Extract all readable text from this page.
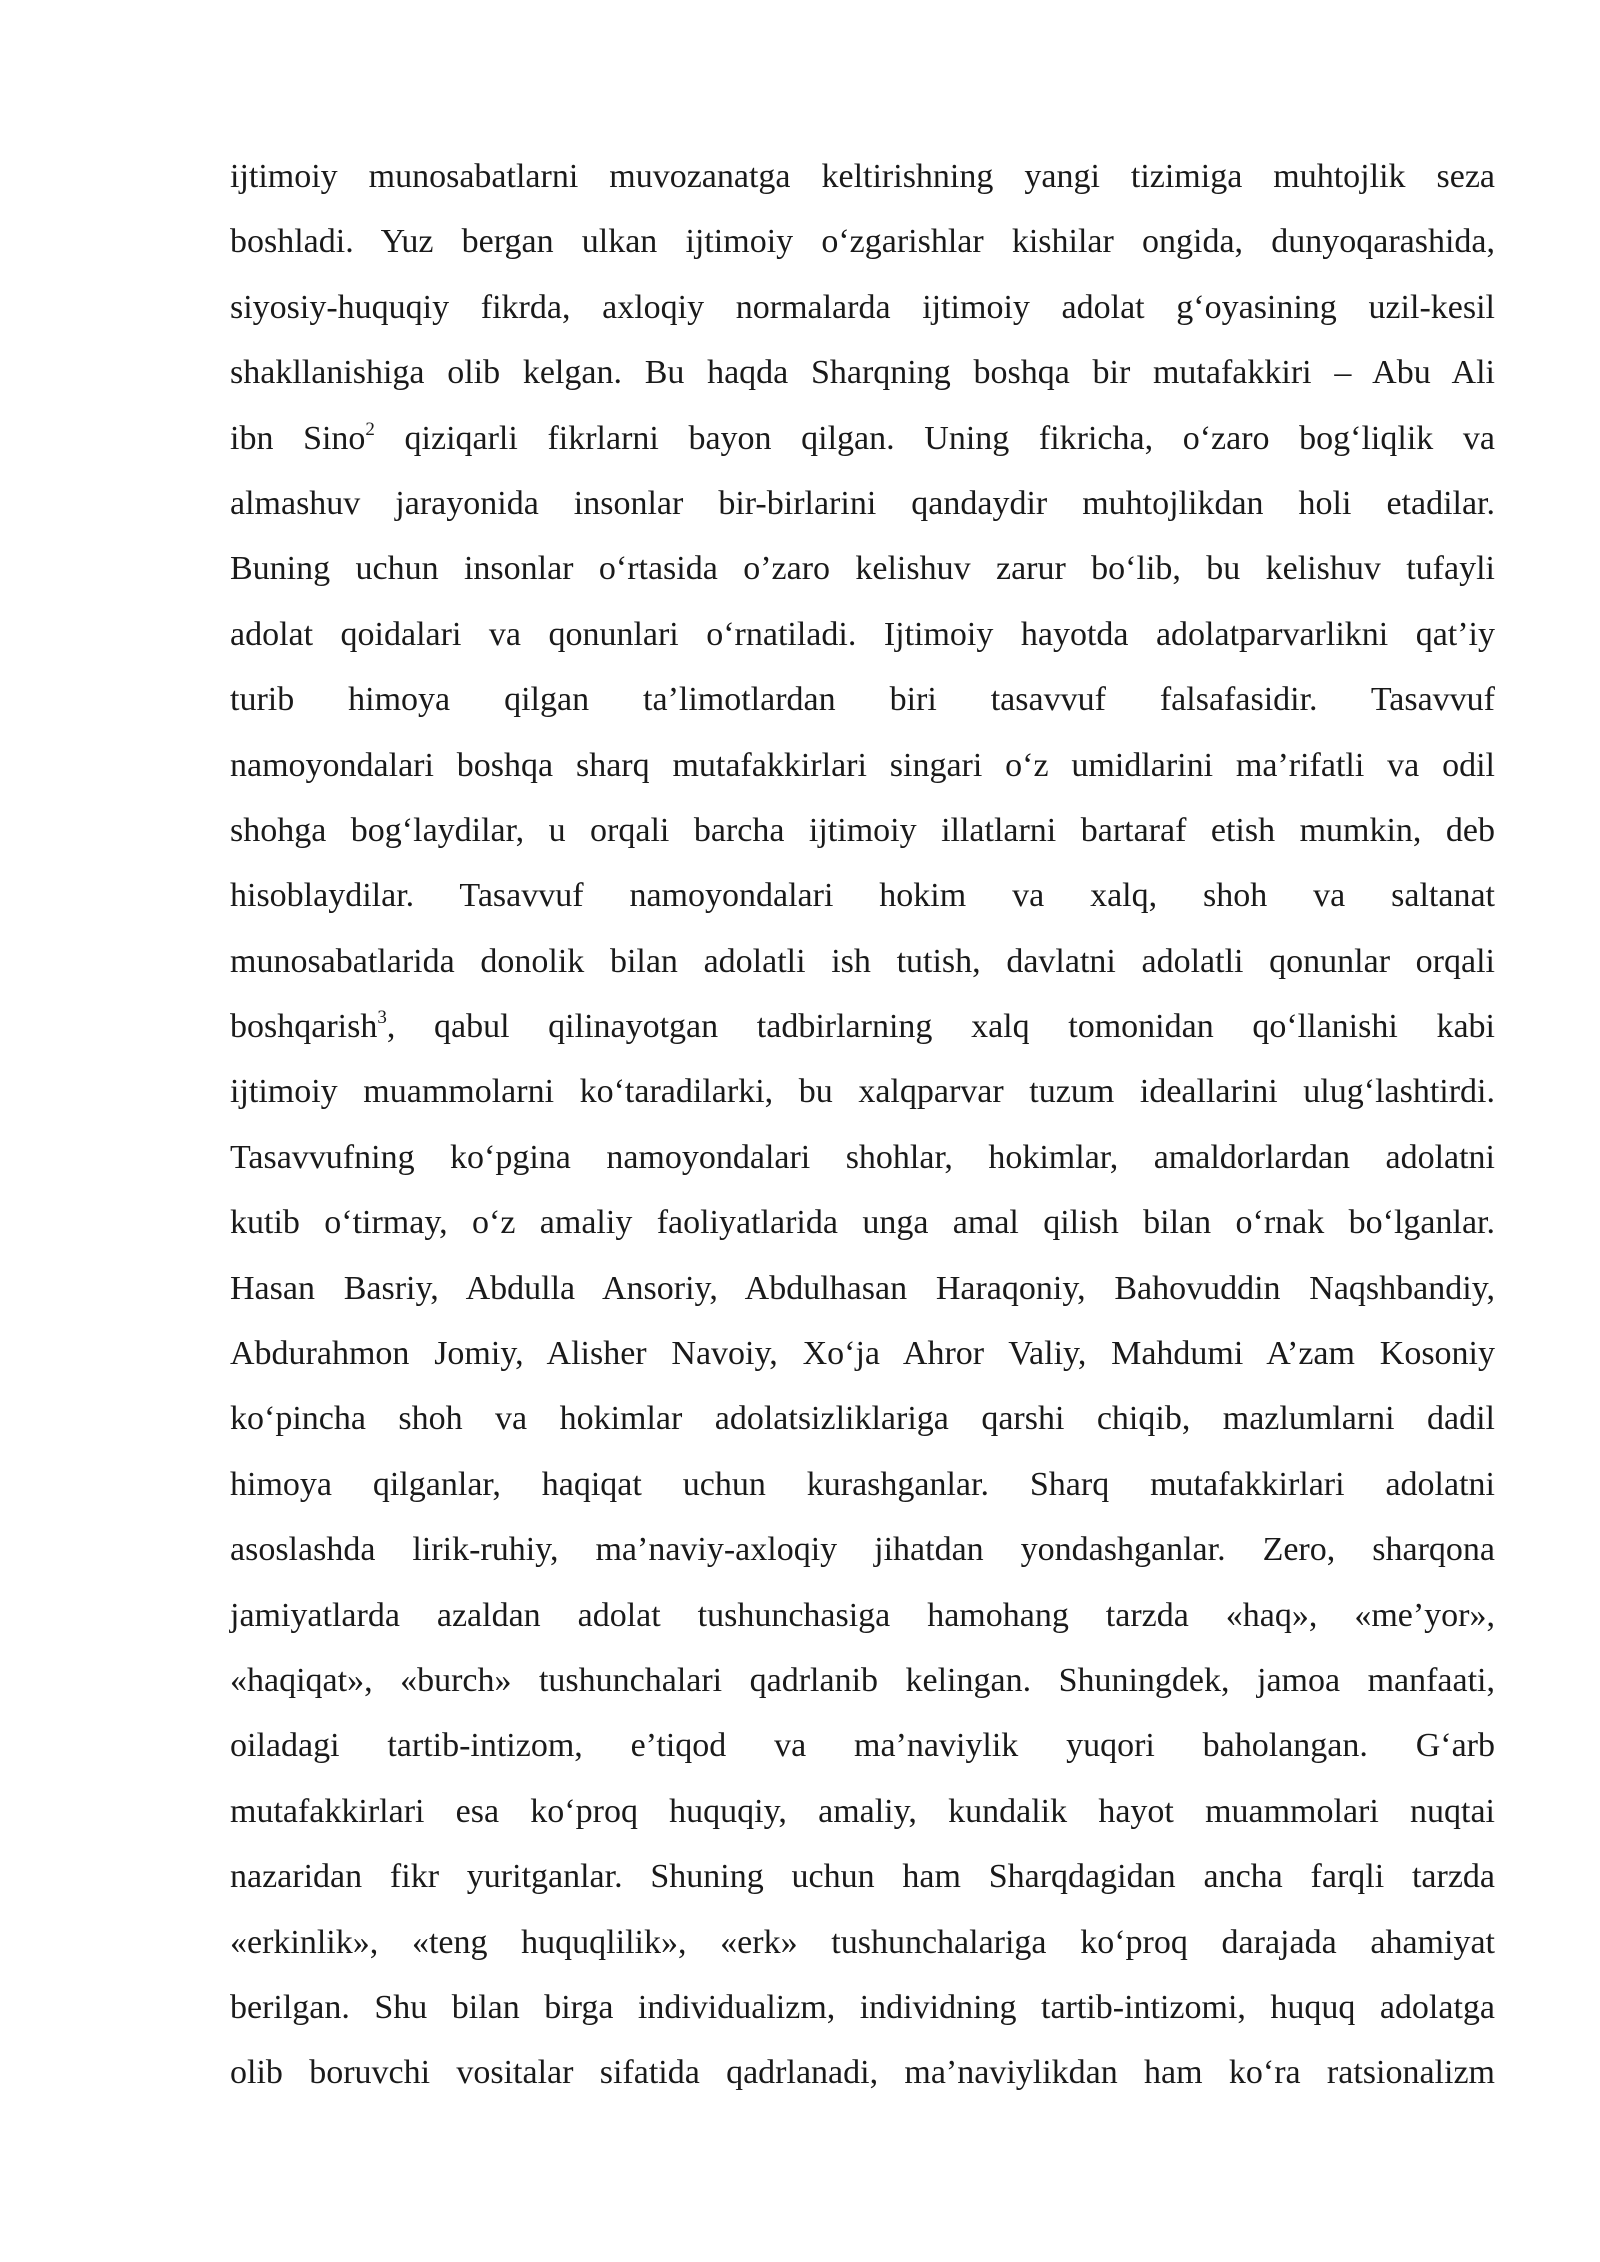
ijtimoiy munosabatlarni muvozanatga keltirishning yangi tizimiga muhtojlik seza
boshladi. Yuz bergan ulkan ijtimoiy o‘zgarishlar kishilar ongida, dunyoqarashida,
siyosiy-huquqiy fikrda, axloqiy normalarda ijtimoiy adolat g‘oyasining uzil-kesil
shakllanishiga olib kelgan. Bu haqda Sharqning boshqa bir mutafakkiri – Abu Ali
ibn Sino$^2$ qiziqarli fikrlarni bayon qilgan. Uning fikricha, o‘zaro bog‘liqlik va
almashuv jarayonida insonlar bir-birlarini qandaydir muhtojlikdan holi etadilar.
Buning uchun insonlar o‘rtasida o’zaro kelishuv zarur bo‘lib, bu kelishuv tufayli
adolat qoidalari va qonunlari o‘rnatiladi. Ijtimoiy hayotda adolatparvarlikni qat’iy
turib himoya qilgan ta’limotlardan biri tasavvuf falsafasidir. Tasavvuf
namoyondalari boshqa sharq mutafakkirlari singari o‘z umidlarini ma’rifatli va odil
shohga bog‘laydilar, u orqali barcha ijtimoiy illatlarni bartaraf etish mumkin, deb
hisoblaydilar. Tasavvuf namoyondalari hokim va xalq, shoh va saltanat
munosabatlarida donolik bilan adolatli ish tutish, davlatni adolatli qonunlar orqali
boshqarish$^3$, qabul qilinayotgan tadbirlarning xalq tomonidan qo‘llanishi kabi
ijtimoiy muammolarni ko‘taradilarki, bu xalqparvar tuzum ideallarini ulug‘lashtirdi.
Tasavvufning ko‘pgina namoyondalari shohlar, hokimlar, amaldorlardan adolatni
kutib o‘tirmay, o‘z amaliy faoliyatlarida unga amal qilish bilan o‘rnak bo‘lganlar.
Hasan Basriy, Abdulla Ansoriy, Abdulhasan Haraqoniy, Bahovuddin Naqshbandiy,
Abdurahmon Jomiy, Alisher Navoiy, Xo‘ja Ahror Valiy, Mahdumi A’zam Kosoniy
ko‘pincha shoh va hokimlar adolatsizliklariga qarshi chiqib, mazlumlarni dadil
himoya qilganlar, haqiqat uchun kurashganlar. Sharq mutafakkirlari adolatni
asoslashda lirik-ruhiy, ma’naviy-axloqiy jihatdan yondashganlar. Zero, sharqona
jamiyatlarda azaldan adolat tushunchasiga hamohang tarzda «haq», «me’yor»,
«haqiqat», «burch» tushunchalari qadrlanib kelingan. Shuningdek, jamoa manfaati,
oiladagi tartib-intizom, e’tiqod va ma’naviylik yuqori baholangan. G‘arb
mutafakkirlari esa ko‘proq huquqiy, amaliy, kundalik hayot muammolari nuqtai
nazaridan fikr yuritganlar. Shuning uchun ham Sharqdagidan ancha farqli tarzda
«erkinlik», «teng huquqlilik», «erk» tushunchalariga ko‘proq darajada ahamiyat
berilgan. Shu bilan birga individualizm, individning tartib-intizomi, huquq adolatga
olib boruvchi vositalar sifatida qadrlanadi, ma’naviylikdan ham ko‘ra ratsionalizm
